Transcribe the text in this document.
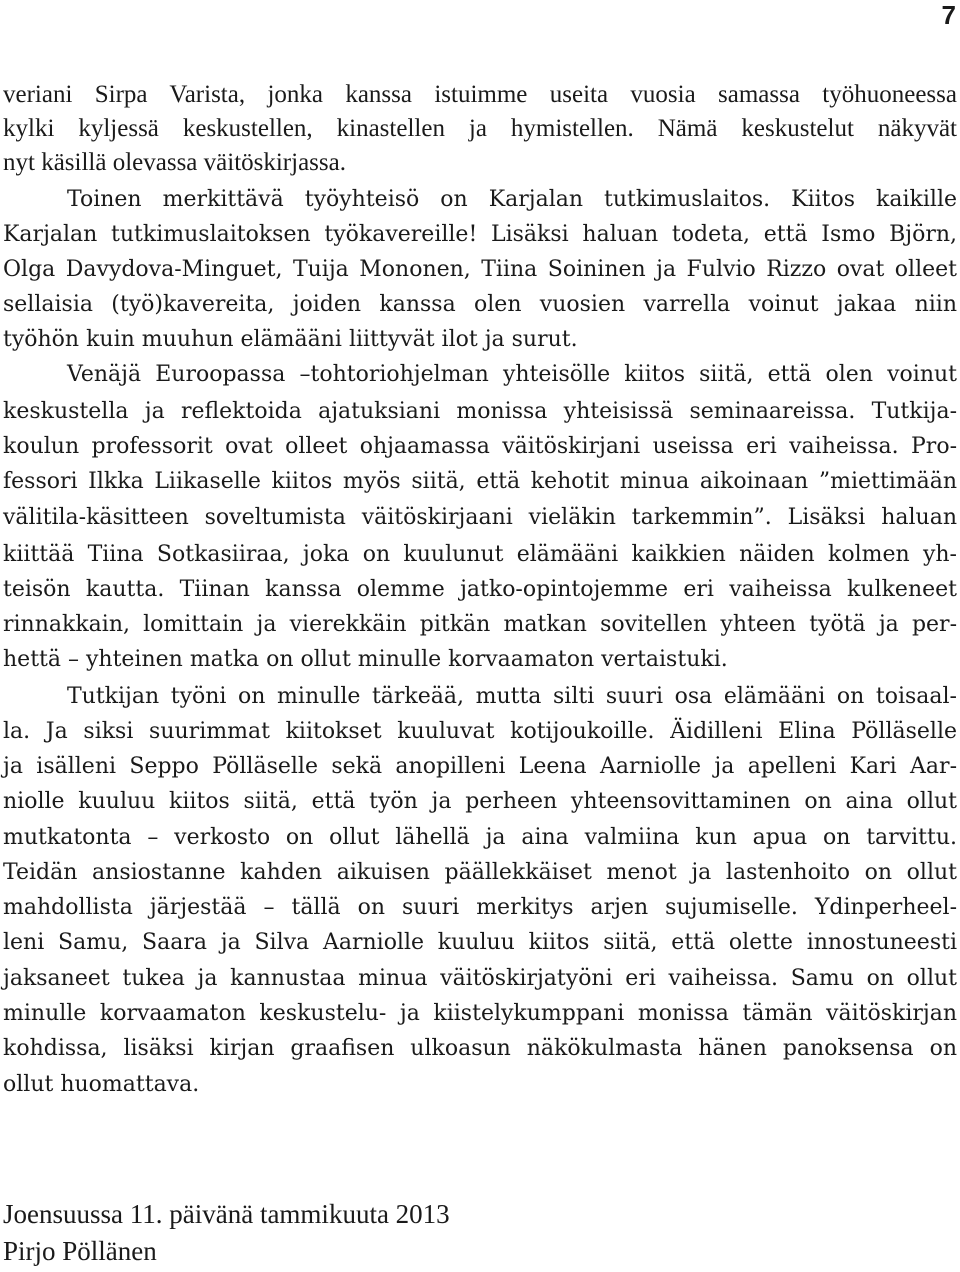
7
veriani Sirpa Varista, jonka kanssa istuimme useita vuosia samassa työhuoneessa
kylki kyljessä keskustellen, kinastellen ja hymistellen. Nämä keskustelut näkyvät
nyt käsillä olevassa väitöskirjassa.
Toinen merkittävä työyhteisö on Karjalan tutkimuslaitos. Kiitos kaikille
Karjalan tutkimuslaitoksen työkavereille! Lisäksi haluan todeta, että Ismo Björn,
Olga Davydova-Minguet, Tuija Mononen, Tiina Soininen ja Fulvio Rizzo ovat olleet
sellaisia (työ)kavereita, joiden kanssa olen vuosien varrella voinut jakaa niin
työhön kuin muuhun elämääni liittyvät ilot ja surut.
Venäjä Euroopassa –tohtoriohjelman yhteisölle kiitos siitä, että olen voinut
keskustella ja reflektoida ajatuksiani monissa yhteisissä seminaareissa. Tutkija-
koulun professorit ovat olleet ohjaamassa väitöskirjani useissa eri vaiheissa. Pro-
fessori Ilkka Liikaselle kiitos myös siitä, että kehotit minua aikoinaan ”miettimään
välitila-käsitteen soveltumista väitöskirjaani vieläkin tarkemmin”. Lisäksi haluan
kiittää Tiina Sotkasiiraa, joka on kuulunut elämääni kaikkien näiden kolmen yh-
teisön kautta. Tiinan kanssa olemme jatko-opintojemme eri vaiheissa kulkeneet
rinnakkain, lomittain ja vierekkäin pitkän matkan sovitellen yhteen työtä ja per-
hettä – yhteinen matka on ollut minulle korvaamaton vertaistuki.
Tutkijan työni on minulle tärkeää, mutta silti suuri osa elämääni on toisaal-
la. Ja siksi suurimmat kiitokset kuuluvat kotijoukoille. Äidilleni Elina Pölläselle
ja isälleni Seppo Pölläselle sekä anopilleni Leena Aarniolle ja apelleni Kari Aar-
niolle kuuluu kiitos siitä, että työn ja perheen yhteensovittaminen on aina ollut
mutkatonta – verkosto on ollut lähellä ja aina valmiina kun apua on tarvittu.
Teidän ansiostanne kahden aikuisen päällekkäiset menot ja lastenhoito on ollut
mahdollista järjestää – tällä on suuri merkitys arjen sujumiselle. Ydinperheel-
leni Samu, Saara ja Silva Aarniolle kuuluu kiitos siitä, että olette innostuneesti
jaksaneet tukea ja kannustaa minua väitöskirjatyöni eri vaiheissa. Samu on ollut
minulle korvaamaton keskustelu- ja kiistelykumppani monissa tämän väitöskirjan
kohdissa, lisäksi kirjan graafisen ulkoasun näkökulmasta hänen panoksensa on
ollut huomattava.
Joensuussa 11. päivänä tammikuuta 2013
Pirjo Pöllänen
